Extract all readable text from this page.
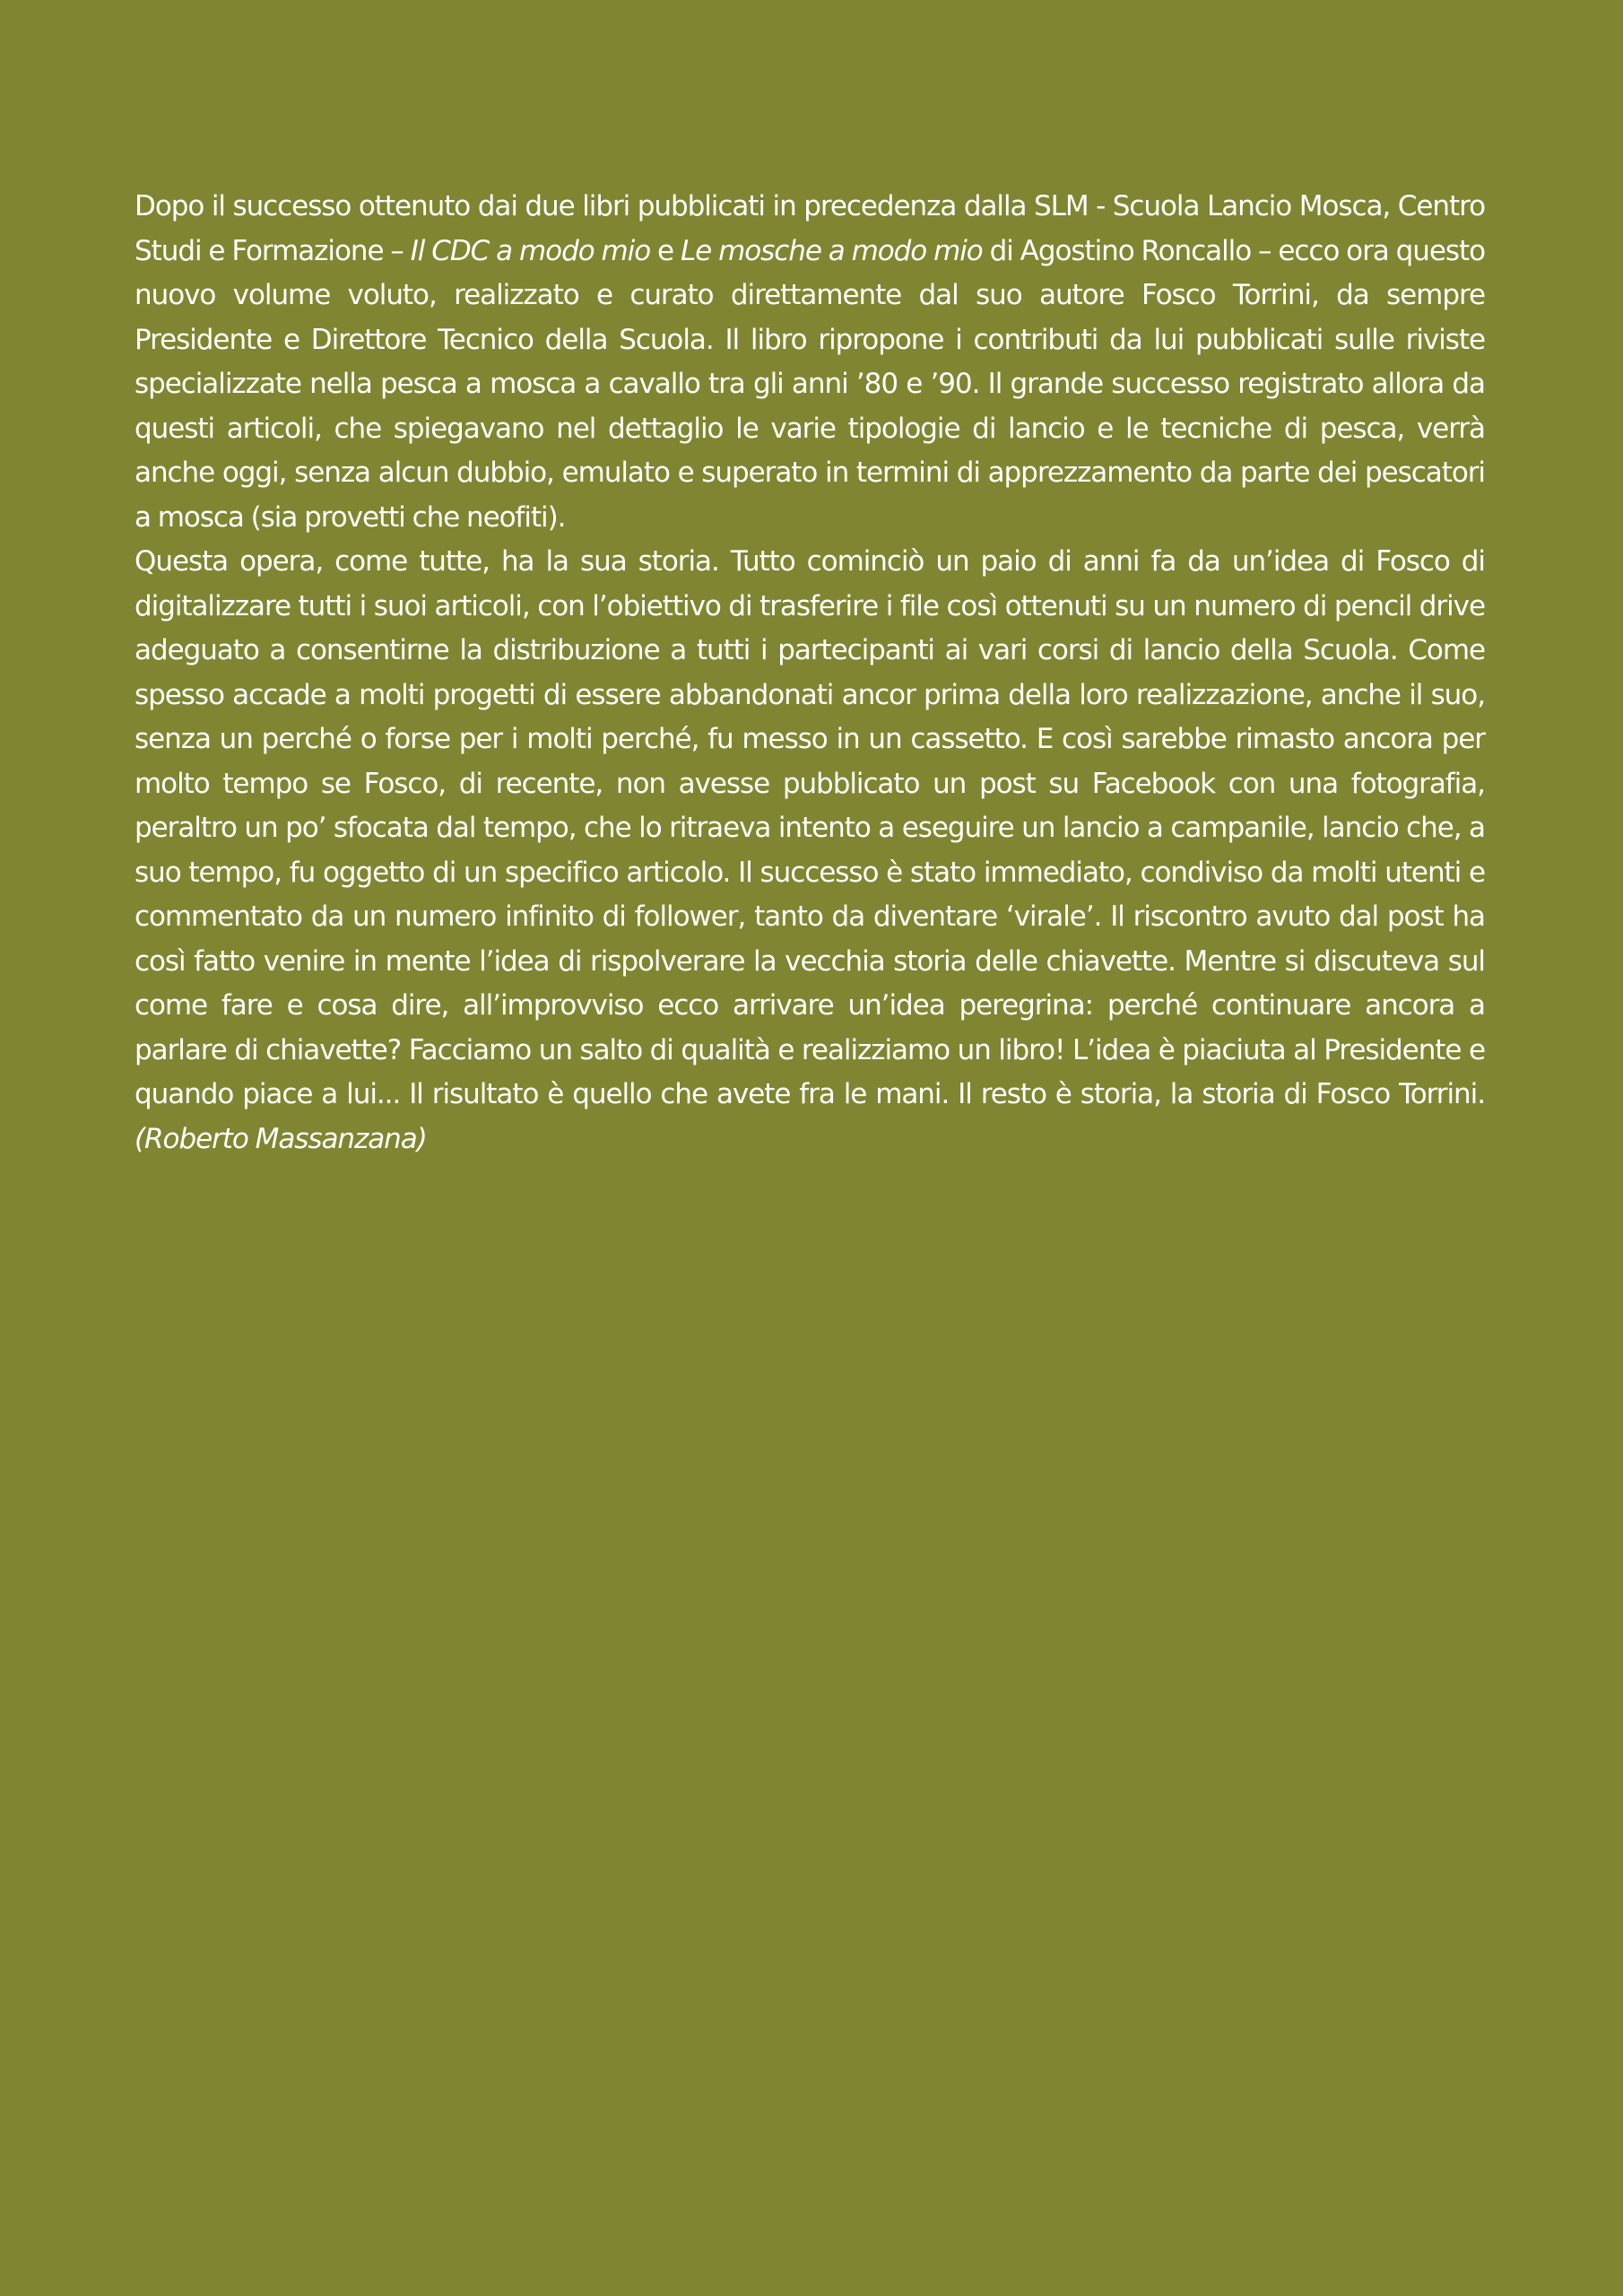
Dopo il successo ottenuto dai due libri pubblicati in precedenza dalla SLM - Scuola Lancio Mosca, Centro Studi e Formazione – Il CDC a modo mio e Le mosche a modo mio di Agostino Roncallo – ecco ora questo nuovo volume voluto, realizzato e curato direttamente dal suo autore Fosco Torrini, da sempre Presidente e Direttore Tecnico della Scuola. Il libro ripropone i contributi da lui pubblicati sulle riviste specializzate nella pesca a mosca a cavallo tra gli anni ’80 e ’90. Il grande successo registrato allora da questi articoli, che spiegavano nel dettaglio le varie tipologie di lancio e le tecniche di pesca, verrà anche oggi, senza alcun dubbio, emulato e superato in termini di apprezzamento da parte dei pescatori a mosca (sia provetti che neofiti).

Questa opera, come tutte, ha la sua storia. Tutto cominciò un paio di anni fa da un’idea di Fosco di digitalizzare tutti i suoi articoli, con l’obiettivo di trasferire i file così ottenuti su un numero di pencil drive adeguato a consentirne la distribuzione a tutti i partecipanti ai vari corsi di lancio della Scuola. Come spesso accade a molti progetti di essere abbandonati ancor prima della loro realizzazione, anche il suo, senza un perché o forse per i molti perché, fu messo in un cassetto. E così sarebbe rimasto ancora per molto tempo se Fosco, di recente, non avesse pubblicato un post su Facebook con una fotografia, peraltro un po’ sfocata dal tempo, che lo ritraeva intento a eseguire un lancio a campanile, lancio che, a suo tempo, fu oggetto di un specifico articolo. Il successo è stato immediato, condiviso da molti utenti e commentato da un numero infinito di follower, tanto da diventare ‘virale’. Il riscontro avuto dal post ha così fatto venire in mente l’idea di rispolverare la vecchia storia delle chiavette. Mentre si discuteva sul come fare e cosa dire, all’improvviso ecco arrivare un’idea peregrina: perché continuare ancora a parlare di chiavette? Facciamo un salto di qualità e realizziamo un libro! L’idea è piaciuta al Presidente e quando piace a lui... Il risultato è quello che avete fra le mani. Il resto è storia, la storia di Fosco Torrini. (Roberto Massanzana)
